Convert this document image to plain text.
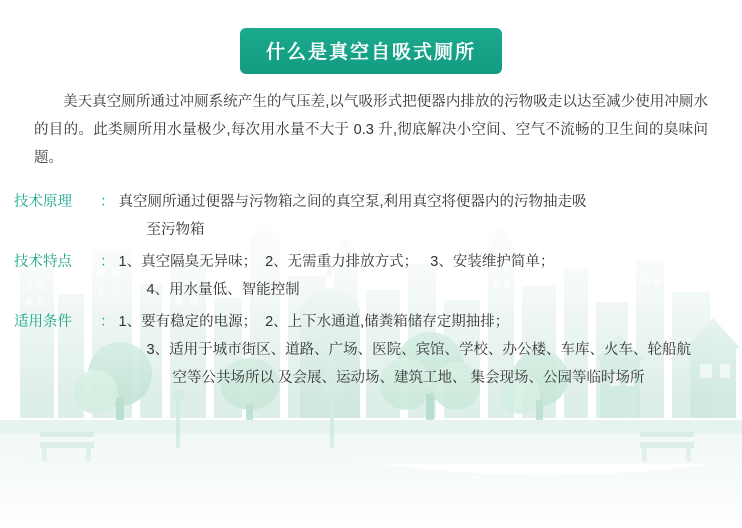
什么是真空自吸式厕所

美天真空厕所通过冲厕系统产生的气压差,以气吸形式把便器内排放的污物吸走以达至减少使用冲厕水的目的。此类厕所用水量极少,每次用水量不大于 0.3 升,彻底解决小空间、空气不流畅的卫生间的臭味问题。

技术原理	： 真空厕所通过便器与污物箱之间的真空泵,利用真空将便器内的污物抽走吸
至污物箱
技术特点	： 1、真空隔臭无异味；  2、无需重力排放方式；   3、安装维护简单；
4、用水量低、智能控制
适用条件	： 1、要有稳定的电源；  2、上下水通道,储粪箱储存定期抽排；
3、适用于城市街区、道路、广场、医院、宾馆、学校、办公楼、车库、火车、轮船航
空等公共场所以 及会展、运动场、建筑工地、 集会现场、公园等临时场所
